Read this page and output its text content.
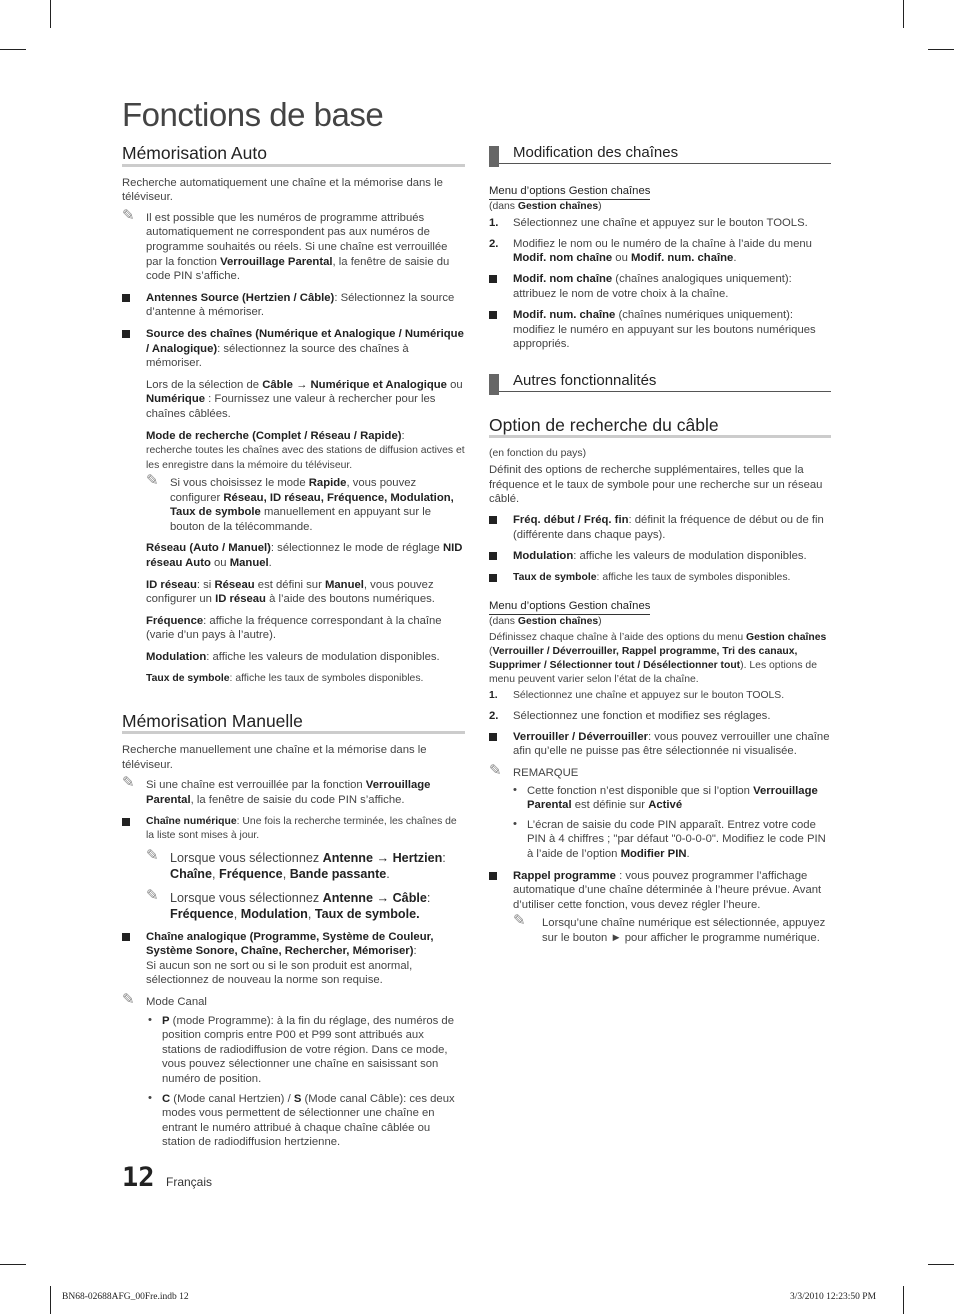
Fonctions de base
Mémorisation Auto

Recherche automatiquement une chaîne et la mémorise dans le téléviseur.

✎ Il est possible que les numéros de programme attribués automatiquement ne correspondent pas aux numéros de programme souhaités ou réels. Si une chaîne est verrouillée par la fonction Verrouillage Parental, la fenêtre de saisie du code PIN s’affiche.
Antennes Source (Hertzien / Câble): Sélectionnez la source d’antenne à mémoriser.
Source des chaînes (Numérique et Analogique / Numérique / Analogique): sélectionnez la source des chaînes à mémoriser.
Lors de la sélection de Câble → Numérique et Analogique ou Numérique : Fournissez une valeur à rechercher pour les chaînes câblées.
Mode de recherche (Complet / Réseau / Rapide):
recherche toutes les chaînes avec des stations de diffusion actives et les enregistre dans la mémoire du téléviseur.
✎ Si vous choisissez le mode Rapide, vous pouvez configurer Réseau, ID réseau, Fréquence, Modulation, Taux de symbole manuellement en appuyant sur le bouton de la télécommande.
Réseau (Auto / Manuel): sélectionnez le mode de réglage NID réseau Auto ou Manuel.
ID réseau: si Réseau est défini sur Manuel, vous pouvez configurer un ID réseau à l’aide des boutons numériques.
Fréquence: affiche la fréquence correspondant à la chaîne (varie d’un pays à l’autre).
Modulation: affiche les valeurs de modulation disponibles.
Taux de symbole: affiche les taux de symboles disponibles.
Mémorisation Manuelle

Recherche manuellement une chaîne et la mémorise dans le téléviseur.

✎ Si une chaîne est verrouillée par la fonction Verrouillage Parental, la fenêtre de saisie du code PIN s’affiche.
Chaîne numérique: Une fois la recherche terminée, les chaînes de la liste sont mises à jour.
✎ Lorsque vous sélectionnez Antenne → Hertzien: Chaîne, Fréquence, Bande passante.
✎ Lorsque vous sélectionnez Antenne → Câble: Fréquence, Modulation, Taux de symbole.
Chaîne analogique (Programme, Système de Couleur, Système Sonore, Chaîne, Rechercher, Mémoriser):
Si aucun son ne sort ou si le son produit est anormal, sélectionnez de nouveau la norme son requise.
✎ Mode Canal
• P (mode Programme): à la fin du réglage, des numéros de position compris entre P00 et P99 sont attribués aux stations de radiodiffusion de votre région. Dans ce mode, vous pouvez sélectionner une chaîne en saisissant son numéro de position.
• C (Mode canal Hertzien) / S (Mode canal Câble): ces deux modes vous permettent de sélectionner une chaîne en entrant le numéro attribué à chaque chaîne câblée ou station de radiodiffusion hertzienne.
Modification des chaînes
Menu d’options Gestion chaînes

(dans Gestion chaînes)

1. Sélectionnez une chaîne et appuyez sur le bouton TOOLS.
2. Modifiez le nom ou le numéro de la chaîne à l’aide du menu Modif. nom chaîne ou Modif. num. chaîne.
Modif. nom chaîne (chaînes analogiques uniquement): attribuez le nom de votre choix à la chaîne.
Modif. num. chaîne (chaînes numériques uniquement): modifiez le numéro en appuyant sur les boutons numériques appropriés.
Autres fonctionnalités
Option de recherche du câble

(en fonction du pays)

Définit des options de recherche supplémentaires, telles que la fréquence et le taux de symbole pour une recherche sur un réseau câblé.

Fréq. début / Fréq. fin: définit la fréquence de début ou de fin (différente dans chaque pays).
Modulation: affiche les valeurs de modulation disponibles.
Taux de symbole: affiche les taux de symboles disponibles.
Menu d’options Gestion chaînes

(dans Gestion chaînes)

Définissez chaque chaîne à l’aide des options du menu Gestion chaînes (Verrouiller / Déverrouiller, Rappel programme, Tri des canaux, Supprimer / Sélectionner tout / Désélectionner tout). Les options de menu peuvent varier selon l’état de la chaîne.

1. Sélectionnez une chaîne et appuyez sur le bouton TOOLS.
2. Sélectionnez une fonction et modifiez ses réglages.
Verrouiller / Déverrouiller: vous pouvez verrouiller une chaîne afin qu’elle ne puisse pas être sélectionnée ni visualisée.
✎ REMARQUE
• Cette fonction n’est disponible que si l’option Verrouillage Parental est définie sur Activé
• L’écran de saisie du code PIN apparaît. Entrez votre code PIN à 4 chiffres ; "par défaut "0-0-0-0". Modifiez le code PIN à l’aide de l’option Modifier PIN.
Rappel programme : vous pouvez programmer l’affichage automatique d’une chaîne déterminée à l’heure prévue. Avant d’utiliser cette fonction, vous devez régler l’heure.
✎ Lorsqu’une chaîne numérique est sélectionnée, appuyez sur le bouton ► pour afficher le programme numérique.
12 Français
BN68-02688AFG_00Fre.indb 12	3/3/2010 12:23:50 PM
